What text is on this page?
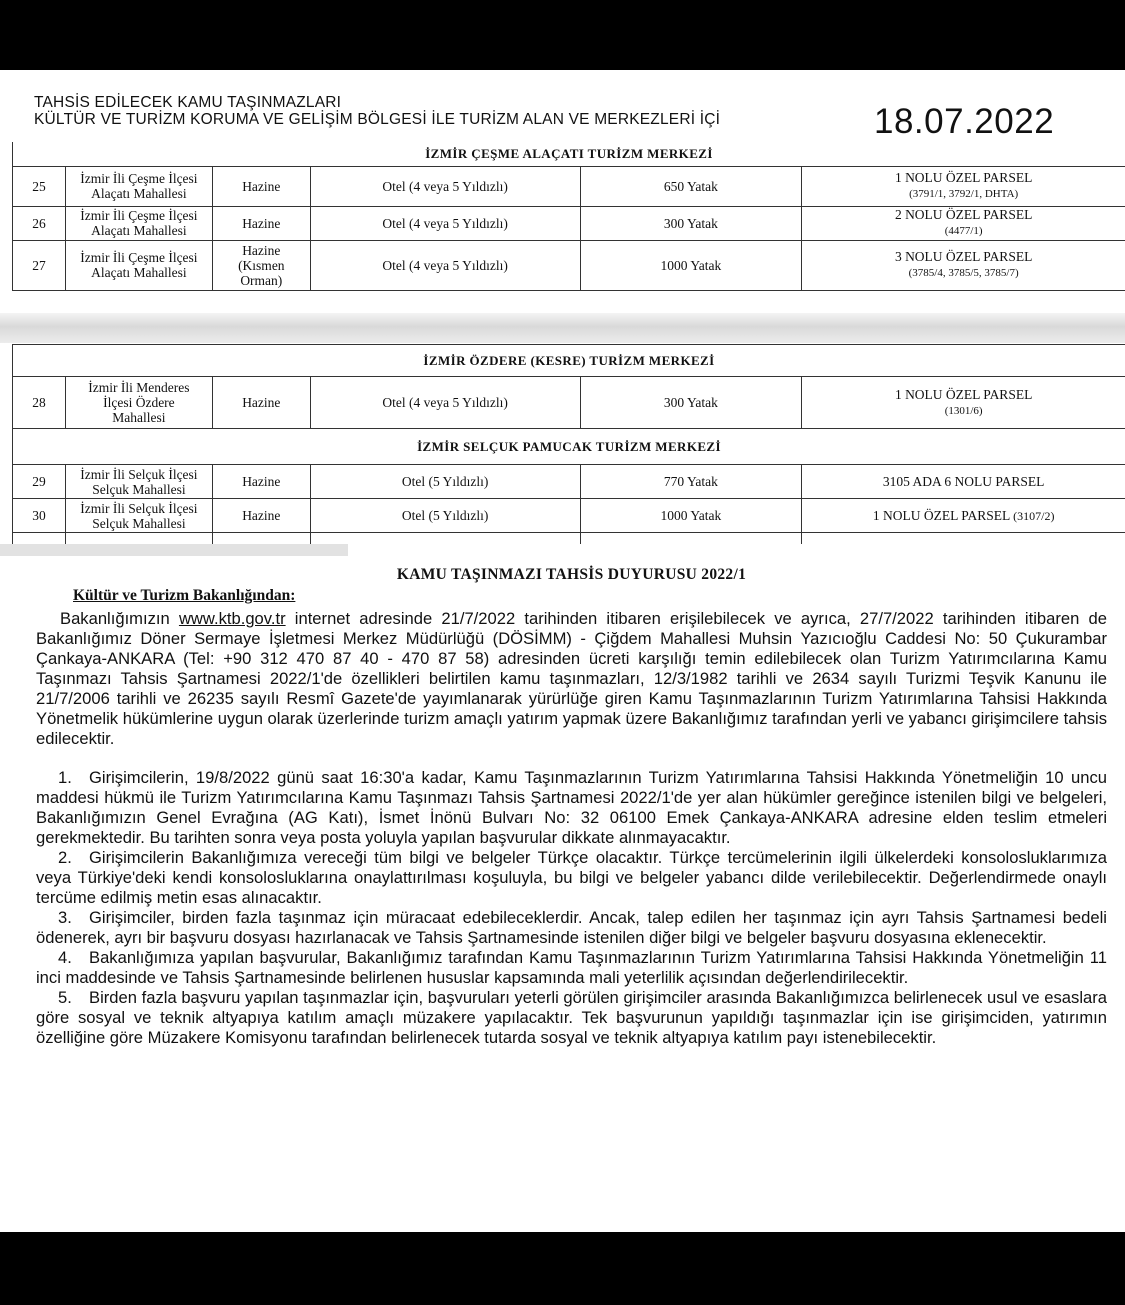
TAHSİS EDİLECEK KAMU TAŞINMAZLARI
KÜLTÜR VE TURİZM KORUMA VE GELİŞİM BÖLGESİ İLE TURİZM ALAN VE MERKEZLERİ İÇİ	18.07.2022
İZMİR ÇEŞME ALAÇATI TURİZM MERKEZİ					
25	İzmir İli Çeşme İlçesi
Alaçatı Mahallesi	Hazine	Otel (4 veya 5 Yıldızlı)	650 Yatak	1 NOLU ÖZEL PARSEL
(3791/1, 3792/1, DHTA)
26	İzmir İli Çeşme İlçesi
Alaçatı Mahallesi	Hazine	Otel (4 veya 5 Yıldızlı)	300 Yatak	2 NOLU ÖZEL PARSEL
(4477/1)
27	İzmir İli Çeşme İlçesi
Alaçatı Mahallesi	Hazine
(Kısmen
Orman)	Otel (4 veya 5 Yıldızlı)	1000 Yatak	3 NOLU ÖZEL PARSEL
(3785/4, 3785/5, 3785/7)
İZMİR ÖZDERE (KESRE) TURİZM MERKEZİ					
28	İzmir İli Menderes
İlçesi Özdere
Mahallesi	Hazine	Otel (4 veya 5 Yıldızlı)	300 Yatak	1 NOLU ÖZEL PARSEL
(1301/6)
İZMİR SELÇUK PAMUCAK TURİZM MERKEZİ					
29	İzmir İli Selçuk İlçesi
Selçuk Mahallesi	Hazine	Otel (5 Yıldızlı)	770 Yatak	3105 ADA 6 NOLU PARSEL
30	İzmir İli Selçuk İlçesi
Selçuk Mahallesi	Hazine	Otel (5 Yıldızlı)	1000 Yatak	1 NOLU ÖZEL PARSEL (3107/2)

KAMU TAŞINMAZI TAHSİS DUYURUSU 2022/1
Kültür ve Turizm Bakanlığından:
Bakanlığımızın www.ktb.gov.tr internet adresinde 21/7/2022 tarihinden itibaren erişilebilecek ve ayrıca, 27/7/2022 tarihinden itibaren de Bakanlığımız Döner Sermaye İşletmesi Merkez Müdürlüğü (DÖSİMM) - Çiğdem Mahallesi Muhsin Yazıcıoğlu Caddesi No: 50 Çukurambar Çankaya-ANKARA (Tel: +90 312 470 87 40 - 470 87 58) adresinden ücreti karşılığı temin edilebilecek olan Turizm Yatırımcılarına Kamu Taşınmazı Tahsis Şartnamesi 2022/1'de özellikleri belirtilen kamu taşınmazları, 12/3/1982 tarihli ve 2634 sayılı Turizmi Teşvik Kanunu ile 21/7/2006 tarihli ve 26235 sayılı Resmî Gazete'de yayımlanarak yürürlüğe giren Kamu Taşınmazlarının Turizm Yatırımlarına Tahsisi Hakkında Yönetmelik hükümlerine uygun olarak üzerlerinde turizm amaçlı yatırım yapmak üzere Bakanlığımız tarafından yerli ve yabancı girişimcilere tahsis edilecektir.
1. Girişimcilerin, 19/8/2022 günü saat 16:30'a kadar, Kamu Taşınmazlarının Turizm Yatırımlarına Tahsisi Hakkında Yönetmeliğin 10 uncu maddesi hükmü ile Turizm Yatırımcılarına Kamu Taşınmazı Tahsis Şartnamesi 2022/1'de yer alan hükümler gereğince istenilen bilgi ve belgeleri, Bakanlığımızın Genel Evrağına (AG Katı), İsmet İnönü Bulvarı No: 32 06100 Emek Çankaya-ANKARA adresine elden teslim etmeleri gerekmektedir. Bu tarihten sonra veya posta yoluyla yapılan başvurular dikkate alınmayacaktır.
2. Girişimcilerin Bakanlığımıza vereceği tüm bilgi ve belgeler Türkçe olacaktır. Türkçe tercümelerinin ilgili ülkelerdeki konsolosluklarımıza veya Türkiye'deki kendi konsolosluklarına onaylattırılması koşuluyla, bu bilgi ve belgeler yabancı dilde verilebilecektir. Değerlendirmede onaylı tercüme edilmiş metin esas alınacaktır.
3. Girişimciler, birden fazla taşınmaz için müracaat edebileceklerdir. Ancak, talep edilen her taşınmaz için ayrı Tahsis Şartnamesi bedeli ödenerek, ayrı bir başvuru dosyası hazırlanacak ve Tahsis Şartnamesinde istenilen diğer bilgi ve belgeler başvuru dosyasına eklenecektir.
4. Bakanlığımıza yapılan başvurular, Bakanlığımız tarafından Kamu Taşınmazlarının Turizm Yatırımlarına Tahsisi Hakkında Yönetmeliğin 11 inci maddesinde ve Tahsis Şartnamesinde belirlenen hususlar kapsamında mali yeterlilik açısından değerlendirilecektir.
5. Birden fazla başvuru yapılan taşınmazlar için, başvuruları yeterli görülen girişimciler arasında Bakanlığımızca belirlenecek usul ve esaslara göre sosyal ve teknik altyapıya katılım amaçlı müzakere yapılacaktır. Tek başvurunun yapıldığı taşınmazlar için ise girişimciden, yatırımın özelliğine göre Müzakere Komisyonu tarafından belirlenecek tutarda sosyal ve teknik altyapıya katılım payı istenebilecektir.
